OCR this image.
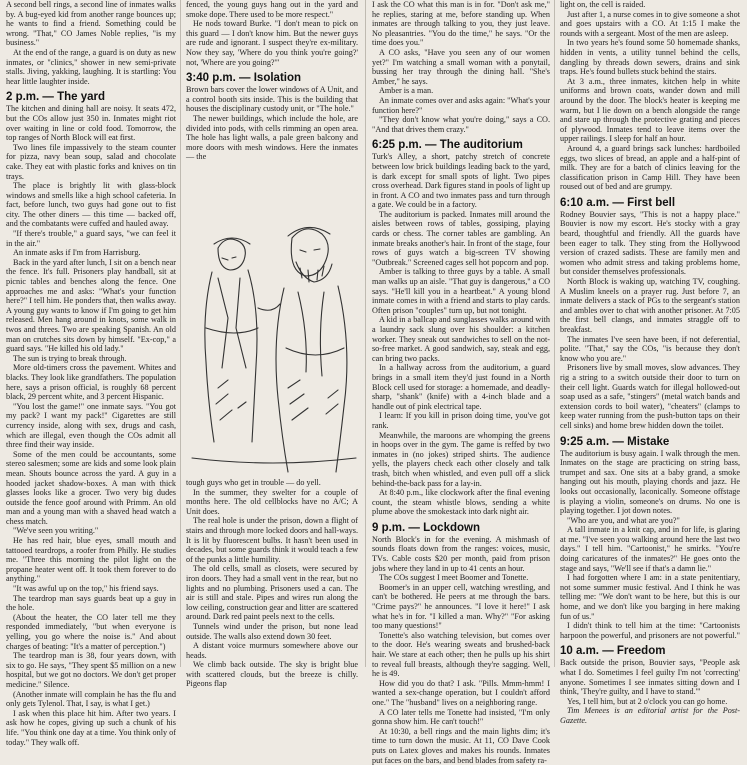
A second bell rings, a second line of inmates walks by. A bug-eyed kid from another range bounces up; he wants to find a friend. Something could be wrong. "That," CO James Noble replies, "is my business."

At the end of the range, a guard is on duty as new inmates, or "clinics," shower in new semi-private stalls. Jiving, yakking, laughing. It is startling: You hear little laughter inside.

2 p.m. — The yard

The kitchen and dining hall are noisy. It seats 472, but the COs allow just 350 in. Inmates might riot over waiting in line or cold food. Tomorrow, the top ranges of North Block will eat first.

Two lines file impassively to the steam counter for pizza, navy bean soup, salad and chocolate cake. They eat with plastic forks and knives on tin trays.

The place is brightly lit with glass-block windows and smells like a high school cafeteria. In fact, before lunch, two guys had gone out to fist city. The other diners — this time — backed off, and the combatants were cuffed and hauled away.

"If there's trouble," a guard says, "we can feel it in the air."

An inmate asks if I'm from Harrisburg.

Back in the yard after lunch, I sit on a bench near the fence. It's full. Prisoners play handball, sit at picnic tables and benches along the fence. One approaches me and asks: "What's your function here?" I tell him. He ponders that, then walks away. A young guy wants to know if I'm going to get him released. Men hang around in knots, some walk in twos and threes. Two are speaking Spanish. An old man on crutches sits down by himself. "Ex-cop," a guard says. "He killed his old lady."

The sun is trying to break through.

More old-timers cross the pavement. Whites and blacks. They look like grandfathers. The population here, says a prison official, is roughly 68 percent black, 29 percent white, and 3 percent Hispanic.

"You lost the game!" one inmate says. "You got my pack? I want my pack!" Cigarettes are still currency inside, along with sex, drugs and cash, which are illegal, even though the COs admit all three find their way inside.

Some of the men could be accountants, some stereo salesmen; some are kids and some look plain mean. Shouts bounce across the yard. A guy in a hooded jacket shadow-boxes. A man with thick glasses looks like a grocer. Two very big dudes outside the fence goof around with Primm. An old man and a young man with a shaved head watch a chess match.

"We've seen you writing."

He has red hair, blue eyes, small mouth and tattooed teardrops, a roofer from Philly. He studies me. "Three this morning the pilot light on the propane heater went off. It took them forever to do anything."

"It was awful up on the top," his friend says.

The teardrop man says guards beat up a guy in the hole.

(About the heater, the CO later tell me they responded immediately, "but when everyone is yelling, you go where the noise is." And about charges of beating: "It's a matter of perception.")

The teardrop man is 38, four years down, with six to go. He says, "They spent $5 million on a new hospital, but we got no doctors. We don't get proper medicine." Silence.

(Another inmate will complain he has the flu and only gets Tylenol. That, I say, is what I get.)

I ask when this place hit him. After two years. I ask how he copes, giving up such a chunk of his life. "You think one day at a time. You think only of today." They walk off.

fenced, the young guys hang out in the yard and smoke dope. There used to be more respect."

He nods toward Burke. "I don't mean to pick on this guard — I don't know him. But the newer guys are rude and ignorant. I suspect they're ex-military. Now they say, 'Where do you think you're going?' not, 'Where are you going?'"

3:40 p.m. — Isolation

Brown bars cover the lower windows of A Unit, and a control booth sits inside. This is the building that houses the disciplinary custody unit, or "The hole."

The newer buildings, which include the hole, are divided into pods, with cells rimming an open area. The hole has light walls, a pale green balcony and more doors with mesh windows. Here the inmates — the

tough guys who get in trouble — do yell.

In the summer, they swelter for a couple of months here. The old cellblocks have no A/C; A Unit does.

The real hole is under the prison, down a flight of stairs and through more locked doors and hall-ways. It is lit by fluorescent bulbs. It hasn't been used in decades, but some guards think it would teach a few of the punks a little humility.

The old cells, small as closets, were secured by iron doors. They had a small vent in the rear, but no lights and no plumbing. Prisoners used a can. The air is still and stale. Pipes and wires run along the low ceiling, construction gear and litter are scattered around. Dark red paint peels next to the cells.

Tunnels wind under the prison, but none lead outside. The walls also extend down 30 feet.

A distant voice murmurs somewhere above our heads.

We climb back outside. The sky is bright blue with scattered clouds, but the breeze is chilly. Pigeons flap

I ask the CO what this man is in for. "Don't ask me," he replies, staring at me, before standing up. When inmates are through talking to you, they just leave. No pleasantries. "You do the time," he says. "Or the time does you."

A CO asks, "Have you seen any of our women yet?" I'm watching a small woman with a ponytail, bussing her tray through the dining hall. "She's Amber," he says.

Amber is a man.

An inmate comes over and asks again: "What's your function here?"

"They don't know what you're doing," says a CO. "And that drives them crazy."

6:25 p.m. — The auditorium

Turk's Alley, a short, patchy stretch of concrete between low brick buildings leading back to the yard, is dark except for small spots of light. Two pipes cross overhead. Dark figures stand in pools of light up in front. A CO and two inmates pass and turn through a gate. We could be in a factory.

The auditorium is packed. Inmates mill around the aisles between rows of tables, gossiping, playing cards or chess. The corner tables are gambling. An inmate breaks another's hair. In front of the stage, four rows of guys watch a big-screen TV showing "Outbreak." Screened cages sell hot popcorn and pop.

Amber is talking to three guys by a table. A small man walks up an aisle. "That guy is dangerous," a CO says. "He'll kill you in a heartbeat." A young blond inmate comes in with a friend and starts to play cards. Often prison "couples" turn up, but not tonight.

A kid in a ballcap and sunglasses walks around with a laundry sack slung over his shoulder: a kitchen worker. They sneak out sandwiches to sell on the not-so-free market. A good sandwich, say, steak and egg, can bring two packs.

In a hallway across from the auditorium, a guard brings in a small item they'd just found in a North Block cell used for storage: a homemade, and deadly-sharp, "shank" (knife) with a 4-inch blade and a handle out of pink electrical tape.

I learn: If you kill in prison doing time, you've got rank.

Meanwhile, the maroons are whomping the greens in hoops over in the gym. The game is reffed by two inmates in (no jokes) striped shirts. The audience yells, the players check each other closely and talk trash, bitch when whistled, and even pull off a slick behind-the-back pass for a lay-in.

At 8:40 p.m., like clockwork after the final evening count, the steam whistle blows, sending a white plume above the smokestack into dark night air.

9 p.m. — Lockdown

North Block's in for the evening. A mishmash of sounds floats down from the ranges: voices, music, TVs. Cable costs $20 per month, paid from prison jobs where they land in up to 41 cents an hour.

The COs suggest I meet Boomer and Tonette.

Boomer's in an upper cell, watching wrestling, and can't be bothered. He peers at me through the bars. "Crime pays?" he announces. "I love it here!" I ask what he's in for. "I killed a man. Why?" "For asking too many questions!"

Tonette's also watching television, but comes over to the door. He's wearing sweats and brushed-back hair. We stare at each other; then he pulls up his shirt to reveal full breasts, although they're sagging. Well, he is 49.

How did you do that? I ask. "Pills. Mmm-hmm! I wanted a sex-change operation, but I couldn't afford one." The "husband" lives on a neighboring range.

A CO later tells me Tonette had insisted, "I'm only gonna show him. He can't touch!"

At 10:30, a bell rings and the main lights dim; it's time to turn down the music. At 11, CO Dave Cook puts on Latex gloves and makes his rounds. Inmates put faces on the bars, and bend blades from safety ra-

light on, the cell is raided.

Just after 1, a nurse comes in to give someone a shot and goes upstairs with a CO. At 1:15 I make the rounds with a sergeant. Most of the men are asleep.

In two years he's found some 50 homemade shanks, hidden in vents, a utility tunnel behind the cells, dangling by threads down sewers, drains and sink traps. He's found bullets stuck behind the stairs.

At 3 a.m., three inmates, kitchen help in white uniforms and brown coats, wander down and mill around by the door. The block's heater is keeping me warm, but I lie down on a bench alongside the range and stare up through the protective grating and pieces of plywood. Inmates tend to leave items over the upper railings. I sleep for half an hour.

Around 4, a guard brings sack lunches: hardboiled eggs, two slices of bread, an apple and a half-pint of milk. They are for a batch of clinics leaving for the classification prison in Camp Hill. They have been roused out of bed and are grumpy.

6:10 a.m. — First bell

Rodney Bouvier says, "This is not a happy place." Bouvier is now my escort. He's stocky with a gray beard, thoughtful and friendly. All the guards have been eager to talk. They sting from the Hollywood version of crazed sadists. These are family men and women who admit stress and taking problems home, but consider themselves professionals.

North Block is waking up, watching TV, coughing. A Muslim kneels on a prayer rug. Just before 7, an inmate delivers a stack of PGs to the sergeant's station and ambles over to chat with another prisoner. At 7:05 the first bell clangs, and inmates straggle off to breakfast.

The inmates I've seen have been, if not deferential, polite. "That," say the COs, "is because they don't know who you are."

Prisoners live by small moves, slow advances. They rig a string to a switch outside their door to turn on their cell light. Guards watch for illegal hollowed-out soap used as a safe, "stingers" (metal watch bands and extension cords to boil water), "cheaters" (clamps to keep water running from the push-button taps on their cell sinks) and home brew hidden down the toilet.

9:25 a.m. — Mistake

The auditorium is busy again. I walk through the men. Inmates on the stage are practicing on string bass, trumpet and sax. One sits at a baby grand, a smoke hanging out his mouth, playing chords and jazz. He looks out occasionally, laconically. Someone offstage is playing a violin, someone's on drums. No one is playing together. I jot down notes.

"Who are you, and what are you?"

A tall inmate in a knit cap, and in for life, is glaring at me. "I've seen you walking around here the last two days." I tell him. "Cartoonist," he smirks. "You're doing caricatures of the inmates?" He goes onto the stage and says, "We'll see if that's a damn lie."

I had forgotten where I am: in a state penitentiary, not some summer music festival. And I think he was telling me: "We don't want to be here, but this is our home, and we don't like you barging in here making fun of us."

I didn't think to tell him at the time: "Cartoonists harpoon the powerful, and prisoners are not powerful."

10 a.m. — Freedom

Back outside the prison, Bouvier says, "People ask what I do. Sometimes I feel guilty I'm not 'correcting' anyone. Sometimes I see inmates sitting down and I think, 'They're guilty, and I have to stand.'"

Yes, I tell him, but at 2 o'clock you can go home.

Tim Menees is an editorial artist for the Post-Gazette.
